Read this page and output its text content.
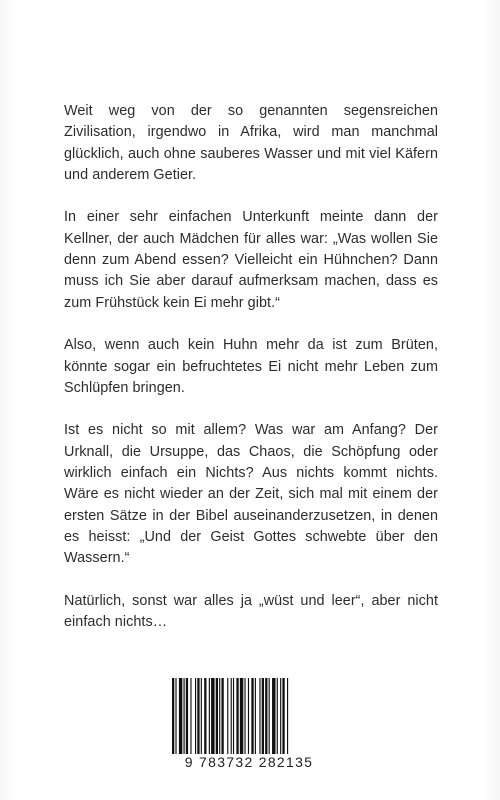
Weit weg von der so genannten segensreichen Zivilisation, irgendwo in Afrika, wird man manchmal glücklich, auch ohne sauberes Wasser und mit viel Käfern und anderem Getier.

In einer sehr einfachen Unterkunft meinte dann der Kellner, der auch Mädchen für alles war: „Was wollen Sie denn zum Abend essen? Vielleicht ein Hühnchen? Dann muss ich Sie aber darauf aufmerksam machen, dass es zum Frühstück kein Ei mehr gibt.“

Also, wenn auch kein Huhn mehr da ist zum Brüten, könnte sogar ein befruchtetes Ei nicht mehr Leben zum Schlüpfen bringen.

Ist es nicht so mit allem? Was war am Anfang? Der Urknall, die Ursuppe, das Chaos, die Schöpfung oder wirklich einfach ein Nichts? Aus nichts kommt nichts. Wäre es nicht wieder an der Zeit, sich mal mit einem der ersten Sätze in der Bibel auseinanderzusetzen, in denen es heisst: „Und der Geist Gottes schwebte über den Wassern.“

Natürlich, sonst war alles ja „wüst und leer“, aber nicht einfach nichts…

9 783732 282135
